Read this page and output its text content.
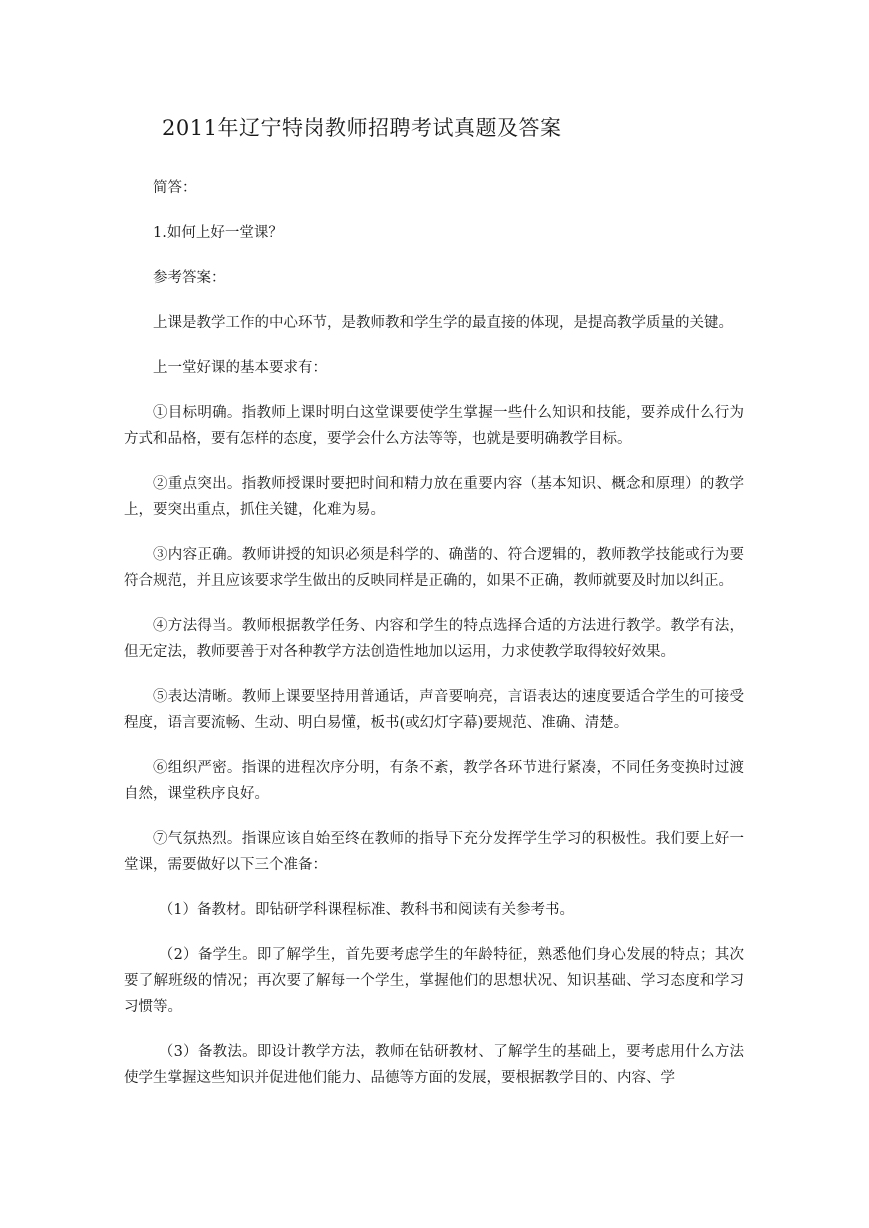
2011年辽宁特岗教师招聘考试真题及答案

简答：

1.如何上好一堂课？

参考答案：

上课是教学工作的中心环节，是教师教和学生学的最直接的体现，是提高教学质量的关键。

上一堂好课的基本要求有：

①目标明确。指教师上课时明白这堂课要使学生掌握一些什么知识和技能，要养成什么行为方式和品格，要有怎样的态度，要学会什么方法等等，也就是要明确教学目标。

②重点突出。指教师授课时要把时间和精力放在重要内容（基本知识、概念和原理）的教学上，要突出重点，抓住关键，化难为易。

③内容正确。教师讲授的知识必须是科学的、确凿的、符合逻辑的，教师教学技能或行为要符合规范，并且应该要求学生做出的反映同样是正确的，如果不正确，教师就要及时加以纠正。

④方法得当。教师根据教学任务、内容和学生的特点选择合适的方法进行教学。教学有法，但无定法，教师要善于对各种教学方法创造性地加以运用，力求使教学取得较好效果。

⑤表达清晰。教师上课要坚持用普通话，声音要响亮，言语表达的速度要适合学生的可接受程度，语言要流畅、生动、明白易懂，板书(或幻灯字幕)要规范、准确、清楚。

⑥组织严密。指课的进程次序分明，有条不紊，教学各环节进行紧凑，不同任务变换时过渡自然，课堂秩序良好。

⑦气氛热烈。指课应该自始至终在教师的指导下充分发挥学生学习的积极性。我们要上好一堂课，需要做好以下三个准备：

（1）备教材。即钻研学科课程标准、教科书和阅读有关参考书。

（2）备学生。即了解学生，首先要考虑学生的年龄特征，熟悉他们身心发展的特点；其次要了解班级的情况；再次要了解每一个学生，掌握他们的思想状况、知识基础、学习态度和学习习惯等。

（3）备教法。即设计教学方法，教师在钻研教材、了解学生的基础上，要考虑用什么方法使学生掌握这些知识并促进他们能力、品德等方面的发展，要根据教学目的、内容、学
